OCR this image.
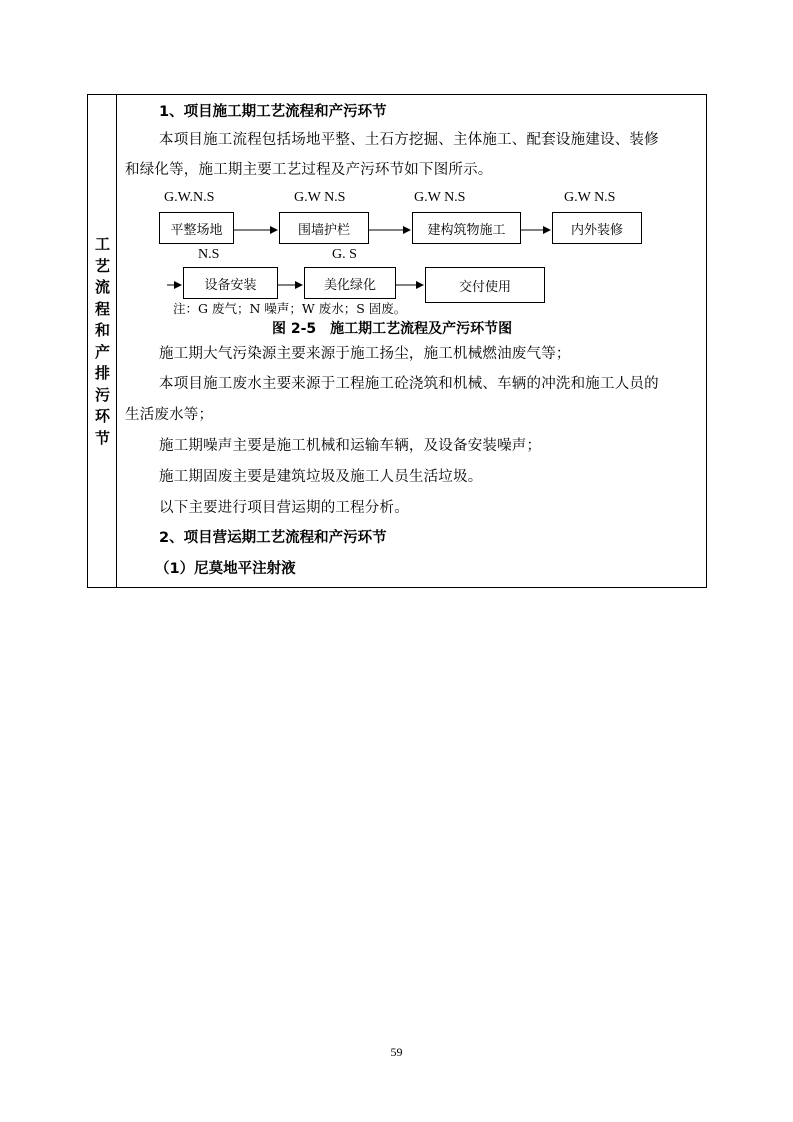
工
艺
流
程
和
产
排
污
环
节
1、项目施工期工艺流程和产污环节
本项目施工流程包括场地平整、土石方挖掘、主体施工、配套设施建设、装修
和绿化等，施工期主要工艺过程及产污环节如下图所示。
G.W.N.S
平整场地
G.W N.S
围墙护栏
G.W N.S
建构筑物施工
G.W N.S
内外装修
N.S
设备安装
G. S
美化绿化	交付使用
注：G 废气；N 噪声；W 废水；S 固废。
图 2-5　施工期工艺流程及产污环节图
施工期大气污染源主要来源于施工扬尘，施工机械燃油废气等；
本项目施工废水主要来源于工程施工砼浇筑和机械、车辆的冲洗和施工人员的
生活废水等；
施工期噪声主要是施工机械和运输车辆，及设备安装噪声；
施工期固废主要是建筑垃圾及施工人员生活垃圾。
以下主要进行项目营运期的工程分析。
2、项目营运期工艺流程和产污环节
（1）尼莫地平注射液
59
